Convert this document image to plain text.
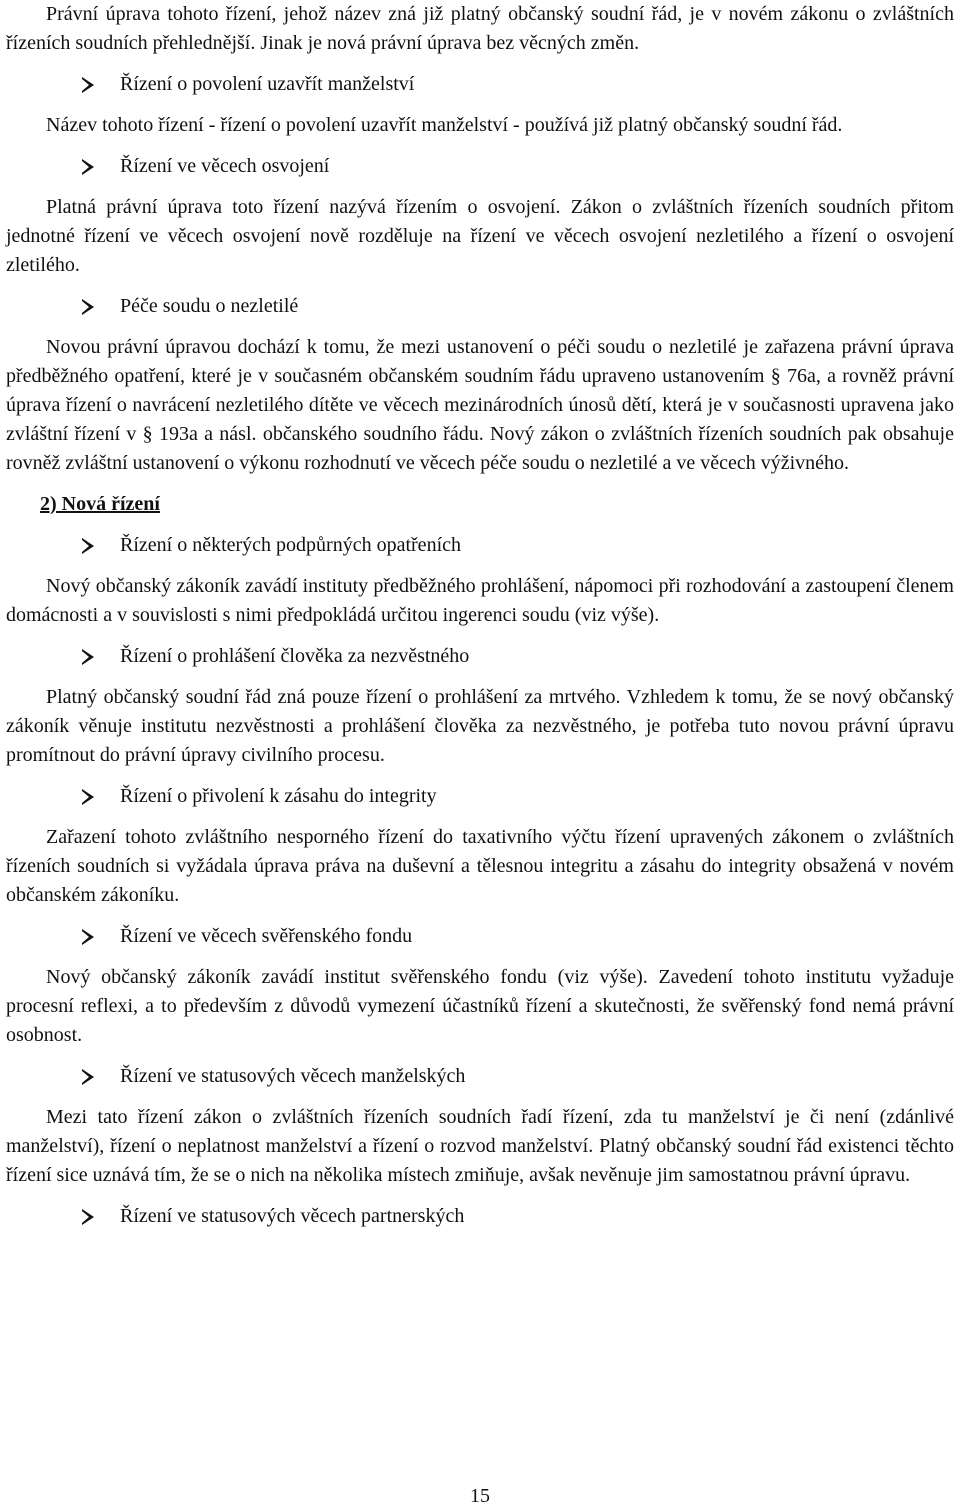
Právní úprava tohoto řízení, jehož název zná již platný občanský soudní řád, je v novém zákonu o zvláštních řízeních soudních přehlednější. Jinak je nová právní úprava bez věcných změn.

Řízení o povolení uzavřít manželství

Název tohoto řízení - řízení o povolení uzavřít manželství - používá již platný občanský soudní řád.

Řízení ve věcech osvojení

Platná právní úprava toto řízení nazývá řízením o osvojení. Zákon o zvláštních řízeních soudních přitom jednotné řízení ve věcech osvojení nově rozděluje na řízení ve věcech osvojení nezletilého a řízení o osvojení zletilého.

Péče soudu o nezletilé

Novou právní úpravou dochází k tomu, že mezi ustanovení o péči soudu o nezletilé je zařazena právní úprava předběžného opatření, které je v současném občanském soudním řádu upraveno ustanovením § 76a, a rovněž právní úprava řízení o navrácení nezletilého dítěte ve věcech mezinárodních únosů dětí, která je v současnosti upravena jako zvláštní řízení v § 193a a násl. občanského soudního řádu. Nový zákon o zvláštních řízeních soudních pak obsahuje rovněž zvláštní ustanovení o výkonu rozhodnutí ve věcech péče soudu o nezletilé a ve věcech výživného.

2) Nová řízení

Řízení o některých podpůrných opatřeních

Nový občanský zákoník zavádí instituty předběžného prohlášení, nápomoci při rozhodování a zastoupení členem domácnosti a v souvislosti s nimi předpokládá určitou ingerenci soudu (viz výše).

Řízení o prohlášení člověka za nezvěstného

Platný občanský soudní řád zná pouze řízení o prohlášení za mrtvého. Vzhledem k tomu, že se nový občanský zákoník věnuje institutu nezvěstnosti a prohlášení člověka za nezvěstného, je potřeba tuto novou právní úpravu promítnout do právní úpravy civilního procesu.

Řízení o přivolení k zásahu do integrity

Zařazení tohoto zvláštního nesporného řízení do taxativního výčtu řízení upravených zákonem o zvláštních řízeních soudních si vyžádala úprava práva na duševní a tělesnou integritu a zásahu do integrity obsažená v novém občanském zákoníku.

Řízení ve věcech svěřenského fondu

Nový občanský zákoník zavádí institut svěřenského fondu (viz výše). Zavedení tohoto institutu vyžaduje procesní reflexi, a to především z důvodů vymezení účastníků řízení a skutečnosti, že svěřenský fond nemá právní osobnost.

Řízení ve statusových věcech manželských

Mezi tato řízení zákon o zvláštních řízeních soudních řadí řízení, zda tu manželství je či není (zdánlivé manželství), řízení o neplatnost manželství a řízení o rozvod manželství. Platný občanský soudní řád existenci těchto řízení sice uznává tím, že se o nich na několika místech zmiňuje, avšak nevěnuje jim samostatnou právní úpravu.

Řízení ve statusových věcech partnerských
15
